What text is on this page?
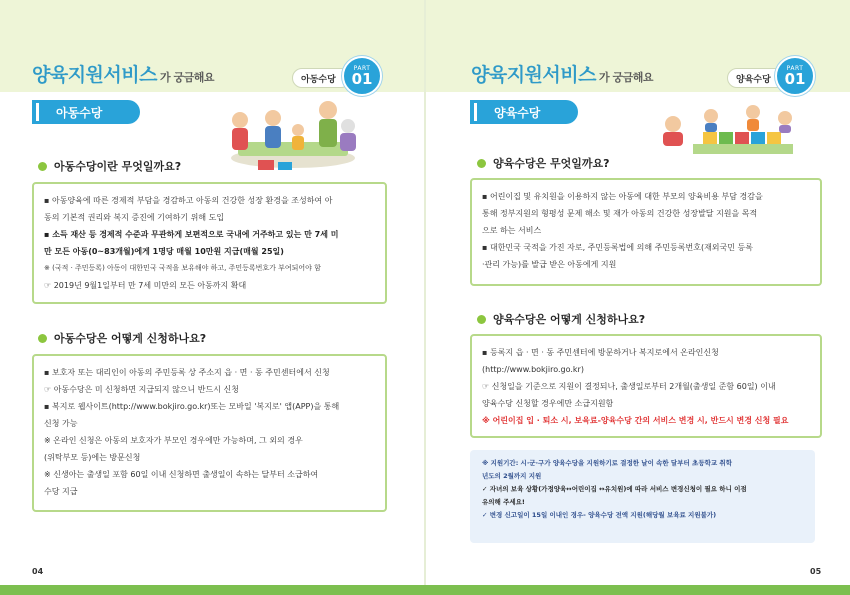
양육지원서비스 가 궁금해요	아동수당
PART
01
아동수당
아동수당이란 무엇일까요?
▪ 아동양육에 따른 경제적 부담을 경감하고 아동의 건강한 성장 환경을 조성하여 아
동의 기본적 권리와 복지 증진에 기여하기 위해 도입
▪ 소득 재산 등 경제적 수준과 무관하게 보편적으로 국내에 거주하고 있는 만 7세 미
만 모든 아동(0~83개월)에게 1명당 매월 10만원 지급(매월 25일)
※ (국적 · 주민등록) 아동이 대한민국 국적을 보유해야 하고, 주민등록번호가 부여되어야 함
☞ 2019년 9월1일부터 만 7세 미만의 모든 아동까지 확대
아동수당은 어떻게 신청하나요?
▪ 보호자 또는 대리인이 아동의 주민등록 상 주소지 읍 · 면 · 동 주민센터에서 신청
☞ 아동수당은 미 신청하면 지급되지 않으니 반드시 신청
▪ 복지로 웹사이트(http://www.bokjiro.go.kr)또는 모바일 '복지로' 앱(APP)을 통해
신청 가능
※ 온라인 신청은 아동의 보호자가 부모인 경우에만 가능하며, 그 외의 경우
(위탁부모 등)에는 방문신청
※ 신생아는 출생일 포함 60일 이내 신청하면 출생일이 속하는 달부터 소급하여
수당 지급
04
양육지원서비스 가 궁금해요	양육수당
PART
01
양육수당
양육수당은 무엇일까요?
▪ 어린이집 및 유치원을 이용하지 않는 아동에 대한 부모의 양육비용 부담 경감을
통해 정부지원의 형평성 문제 해소 및 재가 아동의 건강한 성장발달 지원을 목적
으로 하는 서비스
▪ 대한민국 국적을 가진 자로, 주민등록법에 의해 주민등록번호(재외국민 등록
·관리 가능)를 발급 받은 아동에게 지원
양육수당은 어떻게 신청하나요?
▪ 등록지 읍 · 면 · 동 주민센터에 방문하거나 복지로에서 온라인신청
(http://www.bokjiro.go.kr)
☞ 신청일을 기준으로 지원이 결정되나, 출생일로부터 2개월(출생일 준함 60일) 이내
양육수당 신청할 경우에만 소급지원함
※ 어린이집 입 · 퇴소 시, 보육료-양육수당 간의 서비스 변경 시, 반드시 변경 신청 필요
05
※ 지원기간: 시·군·구가 양육수당을 지원하기로 결정한 날이 속한 달부터 초등학교 취학
년도의 2월까지 지원
✓ 자녀의 보육 상황(가정양육↔어린이집 ↔유치원)에 따라 서비스 변경신청이 필요 하니 이점
유의해 주세요!
✓ 변경 신고일이 15일 이내인 경우- 양육수당 전액 지원(해당월 보육료 지원불가)
